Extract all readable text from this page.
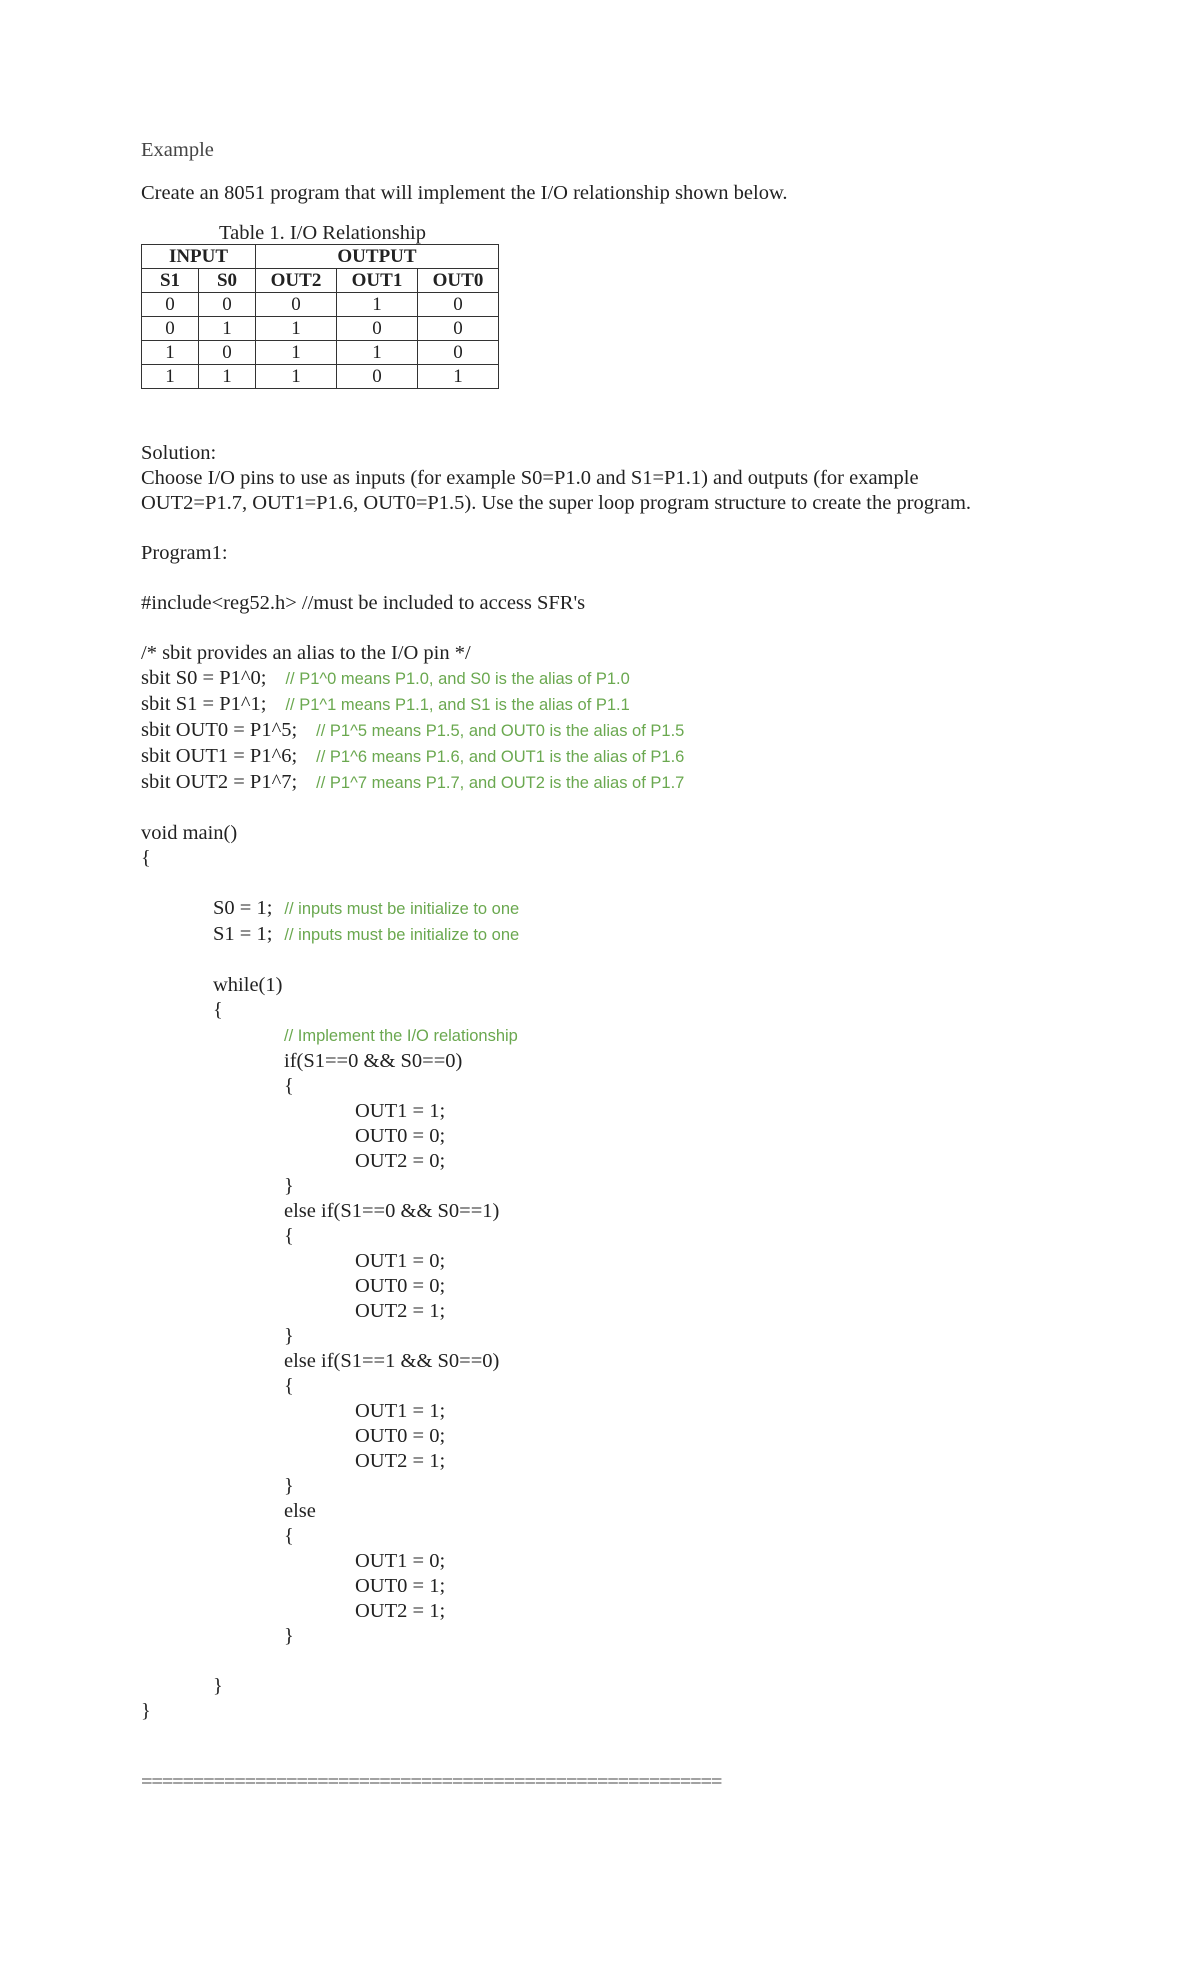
Example

Create an 8051 program that will implement the I/O relationship shown below.

Table 1. I/O Relationship
INPUT		OUTPUT		
S1	S0	OUT2	OUT1	OUT0
0	0	0	1	0
0	1	1	0	0
1	0	1	1	0
1	1	1	0	1

Solution:

Choose I/O pins to use as inputs (for example S0=P1.0 and S1=P1.1) and outputs (for example

OUT2=P1.7, OUT1=P1.6, OUT0=P1.5). Use the super loop program structure to create the program.

Program1:

#include<reg52.h> //must be included to access SFR's

/* sbit provides an alias to the I/O pin */

sbit S0 = P1^0; // P1^0 means P1.0, and S0 is the alias of P1.0

sbit S1 = P1^1; // P1^1 means P1.1, and S1 is the alias of P1.1

sbit OUT0 = P1^5; // P1^5 means P1.5, and OUT0 is the alias of P1.5

sbit OUT1 = P1^6; // P1^6 means P1.6, and OUT1 is the alias of P1.6

sbit OUT2 = P1^7; // P1^7 means P1.7, and OUT2 is the alias of P1.7

void main()

{

S0 = 1; // inputs must be initialize to one

S1 = 1; // inputs must be initialize to one

while(1)

{

// Implement the I/O relationship

if(S1==0 && S0==0)

{

OUT1 = 1;

OUT0 = 0;

OUT2 = 0;

}

else if(S1==0 && S0==1)

{

OUT1 = 0;

OUT0 = 0;

OUT2 = 1;

}

else if(S1==1 && S0==0)

{

OUT1 = 1;

OUT0 = 0;

OUT2 = 1;

}

else

{

OUT1 = 0;

OUT0 = 1;

OUT2 = 1;

}

}

}

========================================================
